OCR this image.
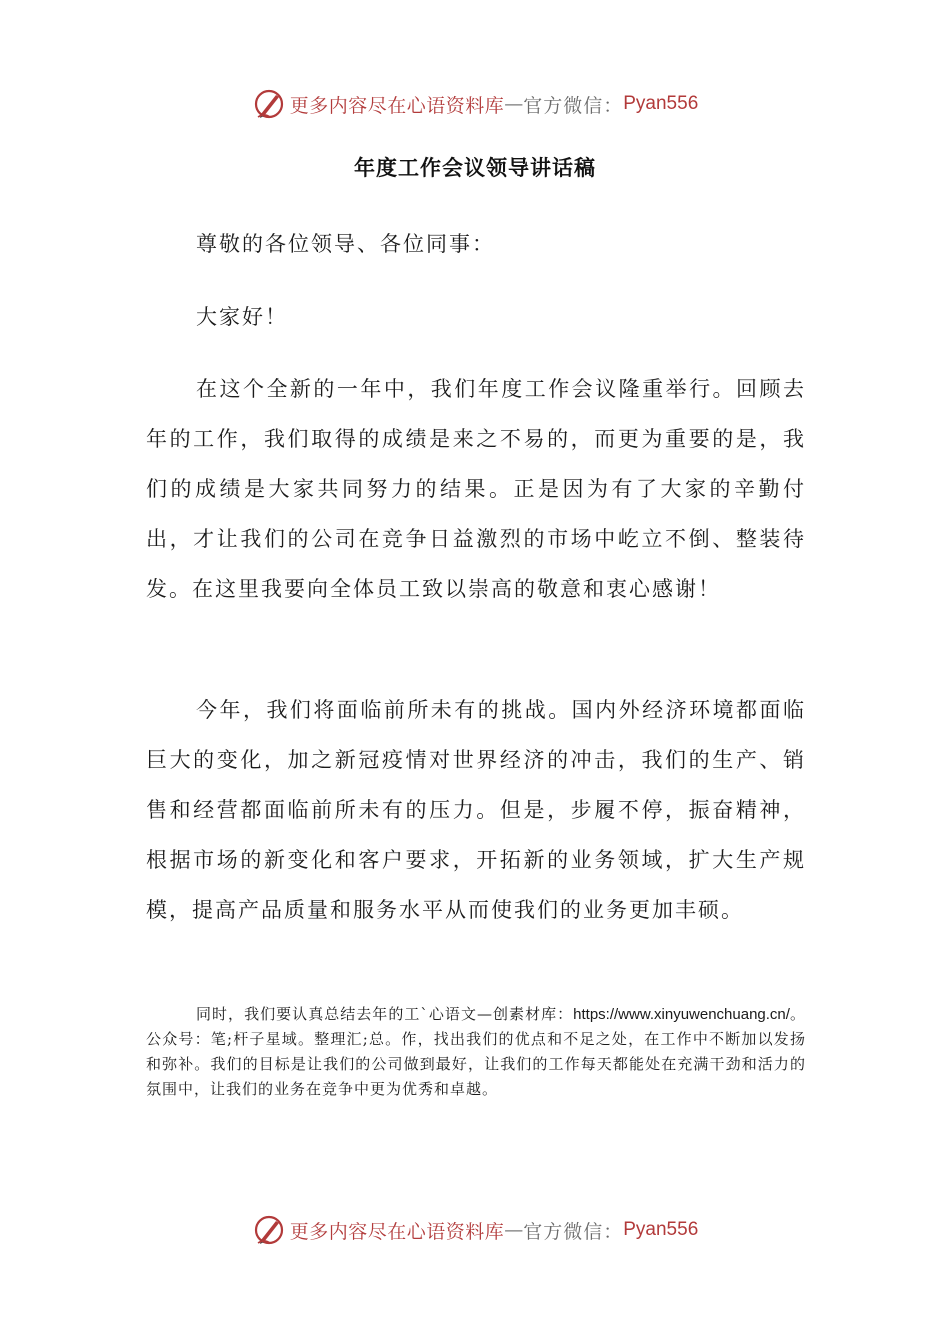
更多内容尽在心语资料库 — 官方微信： Pyan556
年度工作会议领导讲话稿

尊敬的各位领导、各位同事：

大家好！

在这个全新的一年中，我们年度工作会议隆重举行。回顾去年的工作，我们取得的成绩是来之不易的，而更为重要的是，我们的成绩是大家共同努力的结果。正是因为有了大家的辛勤付出，才让我们的公司在竞争日益激烈的市场中屹立不倒、整装待发。在这里我要向全体员工致以崇高的敬意和衷心感谢！

今年，我们将面临前所未有的挑战。国内外经济环境都面临巨大的变化，加之新冠疫情对世界经济的冲击，我们的生产、销售和经营都面临前所未有的压力。但是，步履不停，振奋精神，根据市场的新变化和客户要求，开拓新的业务领域，扩大生产规模，提高产品质量和服务水平从而使我们的业务更加丰硕。

同时，我们要认真总结去年的工`心语文—创素材库：https://www.xinyuwenchuang.cn/。公众号：笔;杆子星域。整理汇;总。作，找出我们的优点和不足之处，在工作中不断加以发扬和弥补。我们的目标是让我们的公司做到最好，让我们的工作每天都能处在充满干劲和活力的氛围中，让我们的业务在竞争中更为优秀和卓越。

更多内容尽在心语资料库 — 官方微信： Pyan556
